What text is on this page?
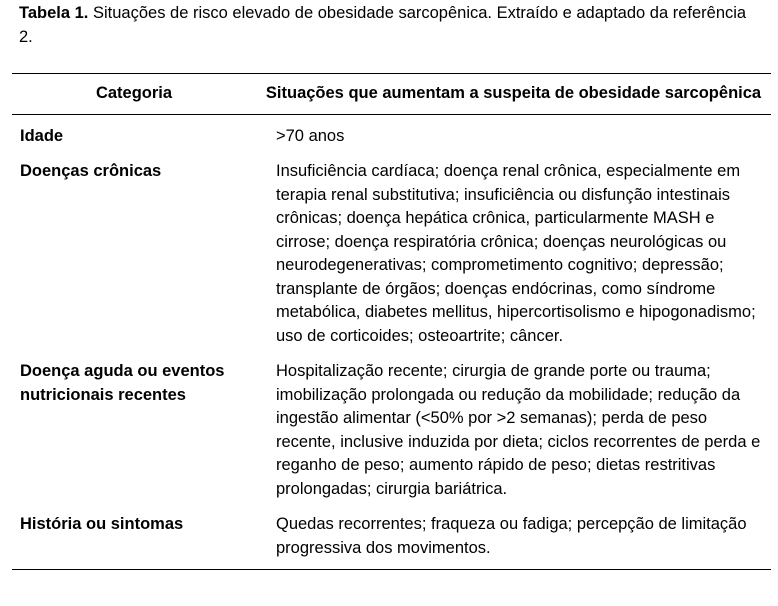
Tabela 1. Situações de risco elevado de obesidade sarcopênica. Extraído e adaptado da referência 2.
Categoria	Situações que aumentam a suspeita de obesidade sarcopênica
Idade	>70 anos
Doenças crônicas	Insuficiência cardíaca; doença renal crônica, especialmente em terapia renal substitutiva; insuficiência ou disfunção intestinais crônicas; doença hepática crônica, particularmente MASH e cirrose; doença respiratória crônica; doenças neurológicas ou neurodegenerativas; comprometimento cognitivo; depressão; transplante de órgãos; doenças endócrinas, como síndrome metabólica, diabetes mellitus, hipercortisolismo e hipogonadismo; uso de corticoides; osteoartrite; câncer.
Doença aguda ou eventos nutricionais recentes	Hospitalização recente; cirurgia de grande porte ou trauma; imobilização prolongada ou redução da mobilidade; redução da ingestão alimentar (<50% por >2 semanas); perda de peso recente, inclusive induzida por dieta; ciclos recorrentes de perda e reganho de peso; aumento rápido de peso; dietas restritivas prolongadas; cirurgia bariátrica.
História ou sintomas	Quedas recorrentes; fraqueza ou fadiga; percepção de limitação progressiva dos movimentos.
